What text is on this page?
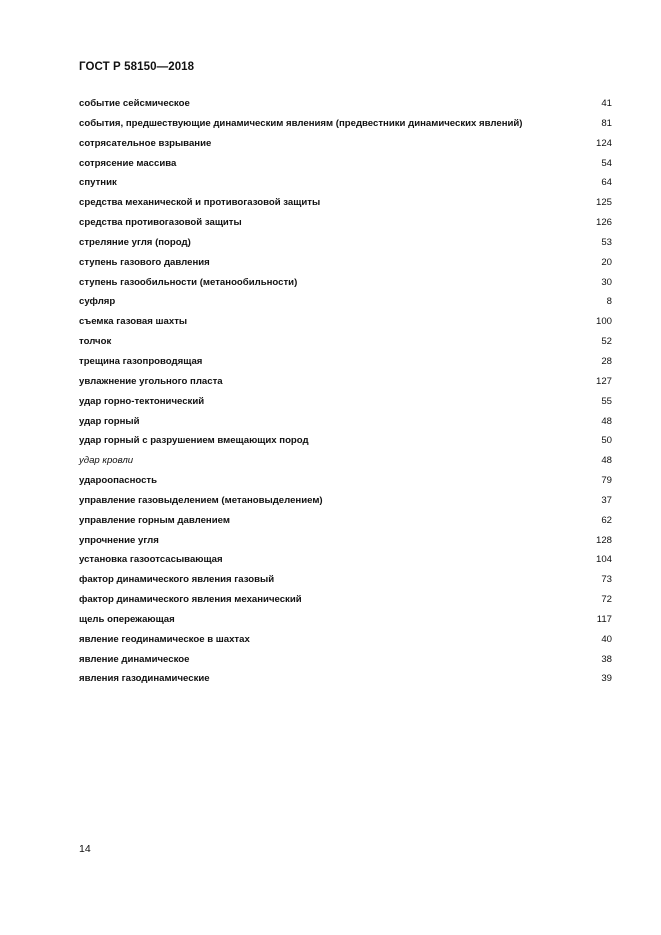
ГОСТ Р 58150—2018
событие сейсмическое	41
события, предшествующие динамическим явлениям (предвестники динамических явлений)	81
сотрясательное взрывание	124
сотрясение массива	54
спутник	64
средства механической и противогазовой защиты	125
средства противогазовой защиты	126
стреляние угля (пород)	53
ступень газового давления	20
ступень газообильности (метанообильности)	30
суфляр	8
съемка газовая шахты	100
толчок	52
трещина газопроводящая	28
увлажнение угольного пласта	127
удар горно-тектонический	55
удар горный	48
удар горный с разрушением вмещающих пород	50
удар кровли	48
удароопасность	79
управление газовыделением (метановыделением)	37
управление горным давлением	62
упрочнение угля	128
установка газоотсасывающая	104
фактор динамического явления газовый	73
фактор динамического явления механический	72
щель опережающая	117
явление геодинамическое в шахтах	40
явление динамическое	38
явления газодинамические	39
14
